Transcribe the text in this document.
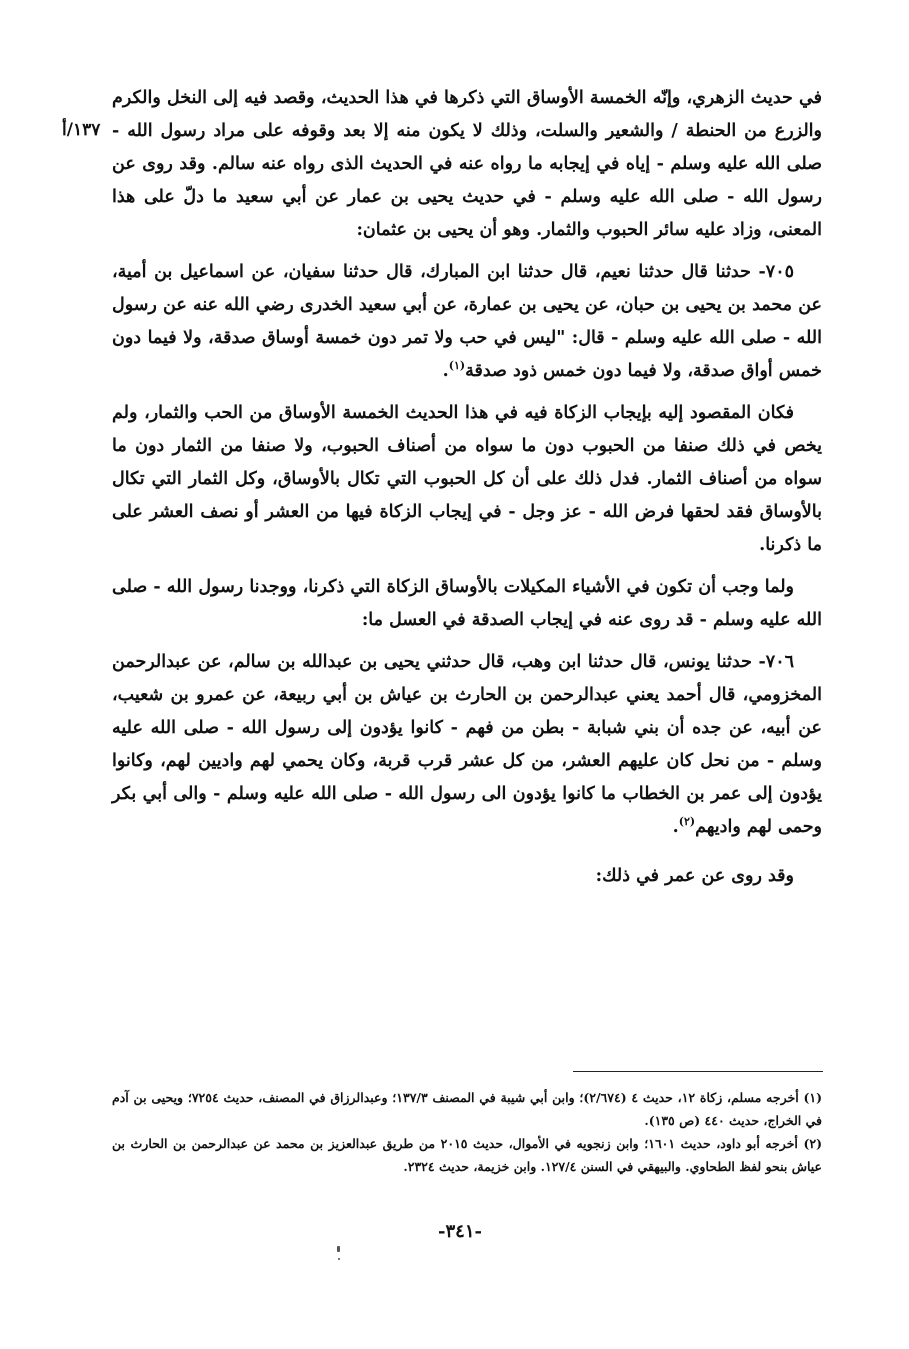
١٣٧/أ

في حديث الزهري، وإنّه الخمسة الأوساق التي ذكرها في هذا الحديث، وقصد فيه إلى النخل والكرم والزرع من الحنطة / والشعير والسلت، وذلك لا يكون منه إلا بعد وقوفه على مراد رسول الله - صلى الله عليه وسلم - إياه في إيجابه ما رواه عنه في الحديث الذى رواه عنه سالم. وقد روى عن رسول الله - صلى الله عليه وسلم - في حديث يحيى بن عمار عن أبي سعيد ما دلّ على هذا المعنى، وزاد عليه سائر الحبوب والثمار. وهو أن يحيى بن عثمان:

٧٠٥- حدثنا قال حدثنا نعيم، قال حدثنا ابن المبارك، قال حدثنا سفيان، عن اسماعيل بن أمية، عن محمد بن يحيى بن حبان، عن يحيى بن عمارة، عن أبي سعيد الخدرى رضي الله عنه عن رسول الله - صلى الله عليه وسلم - قال: "ليس في حب ولا تمر دون خمسة أوساق صدقة، ولا فيما دون خمس أواق صدقة، ولا فيما دون خمس ذود صدقة$^{(١)}$.

فكان المقصود إليه بإيجاب الزكاة فيه في هذا الحديث الخمسة الأوساق من الحب والثمار، ولم يخص في ذلك صنفا من الحبوب دون ما سواه من أصناف الحبوب، ولا صنفا من الثمار دون ما سواه من أصناف الثمار. فدل ذلك على أن كل الحبوب التي تكال بالأوساق، وكل الثمار التي تكال بالأوساق فقد لحقها فرض الله - عز وجل - في إيجاب الزكاة فيها من العشر أو نصف العشر على ما ذكرنا.

ولما وجب أن تكون في الأشياء المكيلات بالأوساق الزكاة التي ذكرنا، ووجدنا رسول الله - صلى الله عليه وسلم - قد روى عنه في إيجاب الصدقة في العسل ما:

٧٠٦- حدثنا يونس، قال حدثنا ابن وهب، قال حدثني يحيى بن عبدالله بن سالم، عن عبدالرحمن المخزومي، قال أحمد يعني عبدالرحمن بن الحارث بن عياش بن أبي ربيعة، عن عمرو بن شعيب، عن أبيه، عن جده أن بني شبابة - بطن من فهم - كانوا يؤدون إلى رسول الله - صلى الله عليه وسلم - من نحل كان عليهم العشر، من كل عشر قرب قربة، وكان يحمي لهم واديين لهم، وكانوا يؤدون إلى عمر بن الخطاب ما كانوا يؤدون الى رسول الله - صلى الله عليه وسلم - والى أبي بكر وحمى لهم واديهم$^{(٢)}$.

وقد روى عن عمر في ذلك:

(١) أخرجه مسلم، زكاة ١٢، حديث ٤ (٢/٦٧٤)؛ وابن أبي شيبة في المصنف ١٣٧/٣؛ وعبدالرزاق في المصنف، حديث ٧٢٥٤؛ ويحيى بن آدم في الخراج، حديث ٤٤٠ (ص ١٣٥).

(٢) أخرجه أبو داود، حديث ١٦٠١؛ وابن زنجويه في الأموال، حديث ٢٠١٥ من طريق عبدالعزيز بن محمد عن عبدالرحمن بن الحارث بن عياش بنحو لفظ الطحاوي. والبيهقي في السنن ١٢٧/٤. وابن خزيمة، حديث ٢٣٢٤.

-٣٤١-
